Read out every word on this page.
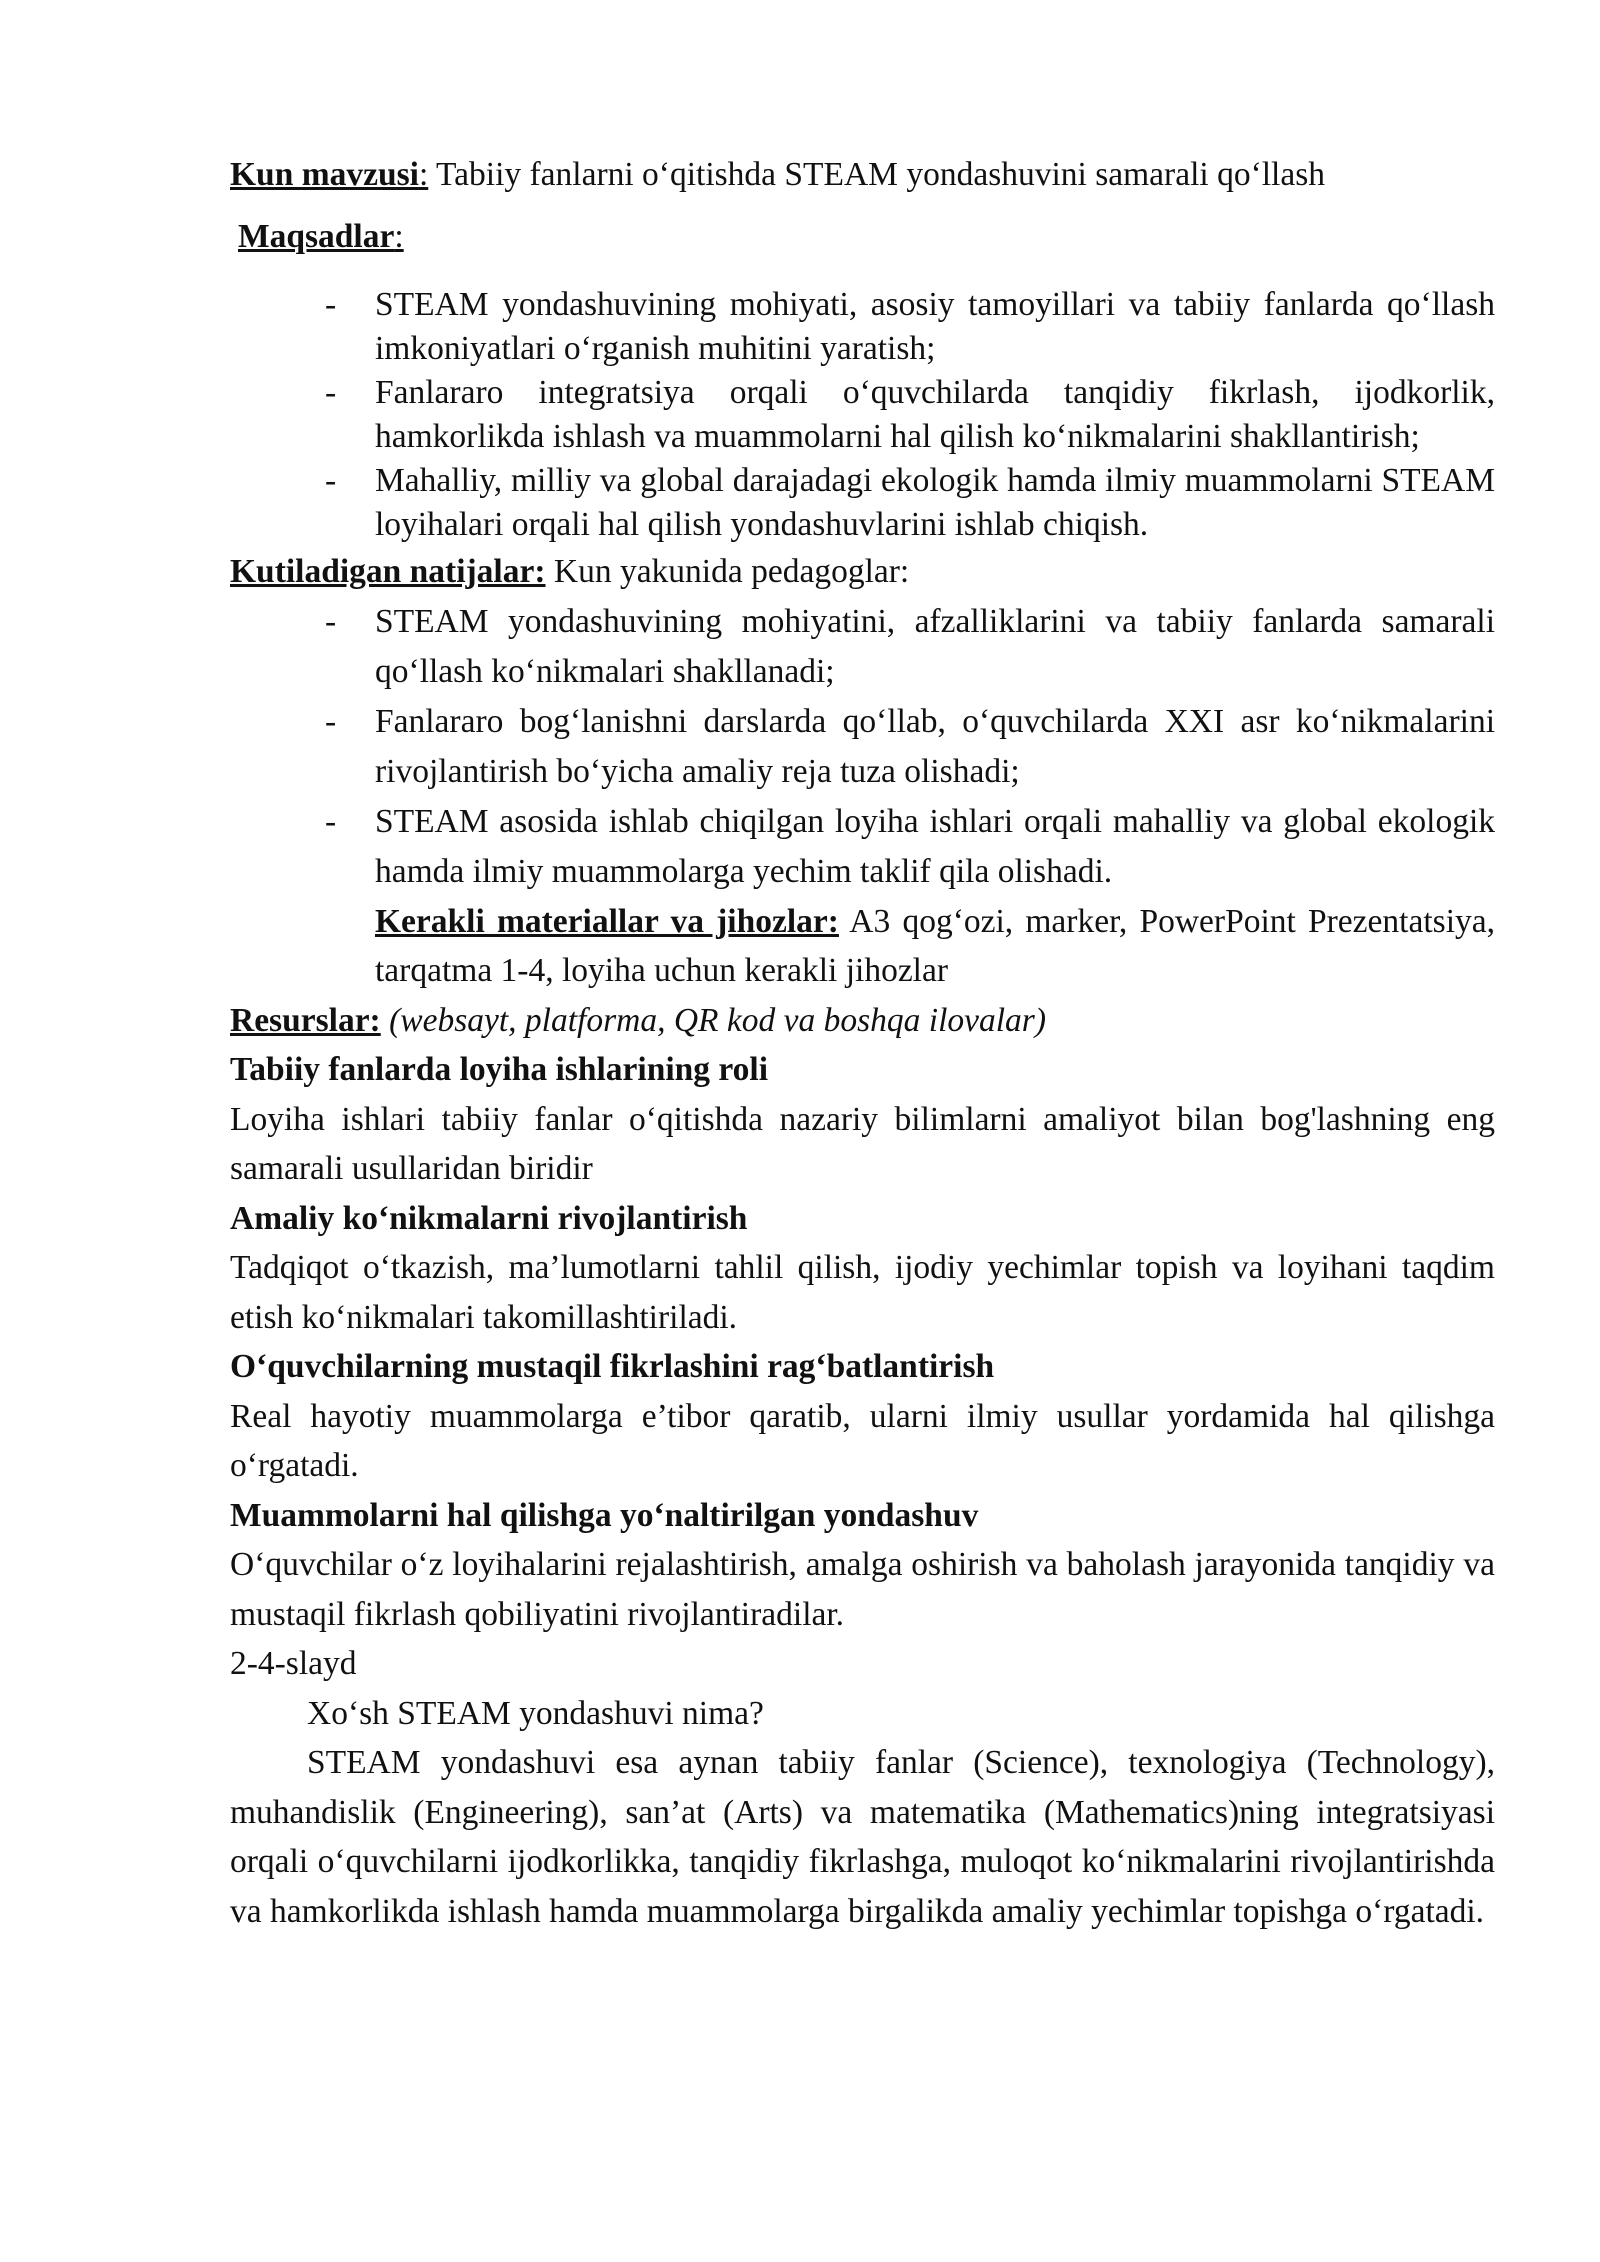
Kun mavzusi: Tabiiy fanlarni o‘qitishda STEAM yondashuvini samarali qo‘llash

Maqsadlar:

- STEAM yondashuvining mohiyati, asosiy tamoyillari va tabiiy fanlarda qo‘llash imkoniyatlari o‘rganish muhitini yaratish;
- Fanlararo integratsiya orqali o‘quvchilarda tanqidiy fikrlash, ijodkorlik, hamkorlikda ishlash va muammolarni hal qilish ko‘nikmalarini shakllantirish;
- Mahalliy, milliy va global darajadagi ekologik hamda ilmiy muammolarni STEAM loyihalari orqali hal qilish yondashuvlarini ishlab chiqish.

Kutiladigan natijalar: Kun yakunida pedagoglar:

- STEAM yondashuvining mohiyatini, afzalliklarini va tabiiy fanlarda samarali qo‘llash ko‘nikmalari shakllanadi;
- Fanlararo bog‘lanishni darslarda qo‘llab, o‘quvchilarda XXI asr ko‘nikmalarini rivojlantirish bo‘yicha amaliy reja tuza olishadi;
- STEAM asosida ishlab chiqilgan loyiha ishlari orqali mahalliy va global ekologik hamda ilmiy muammolarga yechim taklif qila olishadi.

Kerakli materiallar va jihozlar: A3 qog‘ozi, marker, PowerPoint Prezentatsiya, tarqatma 1-4, loyiha uchun kerakli jihozlar

Resurslar: (websayt, platforma, QR kod va boshqa ilovalar)

Tabiiy fanlarda loyiha ishlarining roli

Loyiha ishlari tabiiy fanlar o‘qitishda nazariy bilimlarni amaliyot bilan bog'lashning eng samarali usullaridan biridir

Amaliy ko‘nikmalarni rivojlantirish

Tadqiqot o‘tkazish, ma’lumotlarni tahlil qilish, ijodiy yechimlar topish va loyihani taqdim etish ko‘nikmalari takomillashtiriladi.

O‘quvchilarning mustaqil fikrlashini rag‘batlantirish

Real hayotiy muammolarga e’tibor qaratib, ularni ilmiy usullar yordamida hal qilishga o‘rgatadi.

Muammolarni hal qilishga yo‘naltirilgan yondashuv

O‘quvchilar o‘z loyihalarini rejalashtirish, amalga oshirish va baholash jarayonida tanqidiy va mustaqil fikrlash qobiliyatini rivojlantiradilar.

2-4-slayd

Xo‘sh STEAM yondashuvi nima?

STEAM yondashuvi esa aynan tabiiy fanlar (Science), texnologiya (Technology), muhandislik (Engineering), san’at (Arts) va matematika (Mathematics)ning integratsiyasi orqali o‘quvchilarni ijodkorlikka, tanqidiy fikrlashga, muloqot ko‘nikmalarini rivojlantirishda va hamkorlikda ishlash hamda muammolarga birgalikda amaliy yechimlar topishga o‘rgatadi.
